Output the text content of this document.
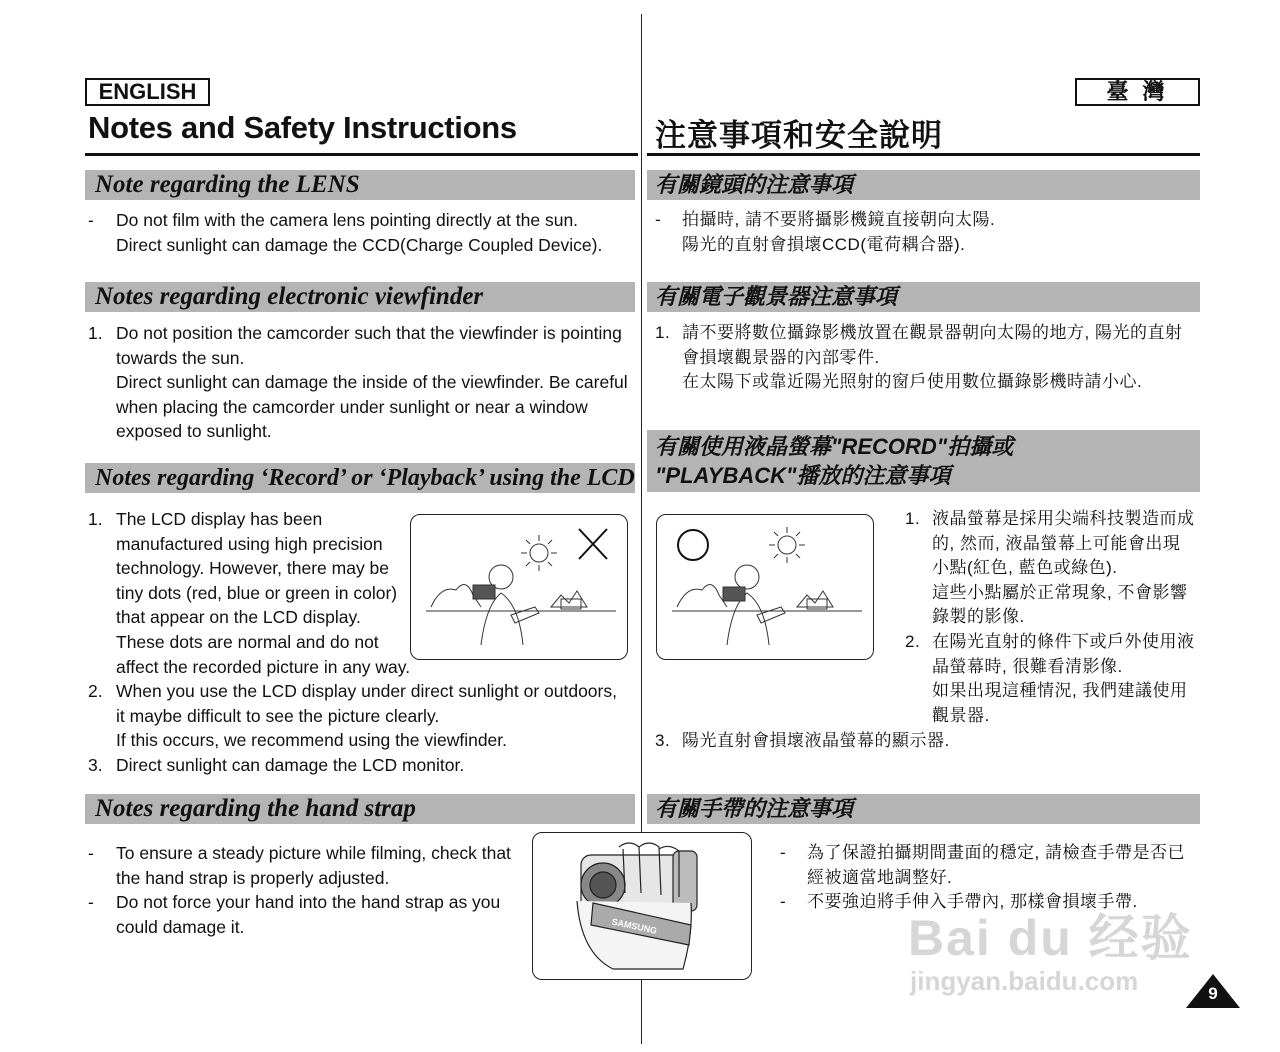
ENGLISH	臺 灣
Notes and Safety Instructions	注意事項和安全說明
Note regarding the LENS
- Do not film with the camera lens pointing directly at the sun.
Direct sunlight can damage the CCD(Charge Coupled Device).
Notes regarding electronic viewfinder
1. Do not position the camcorder such that the viewfinder is pointing
towards the sun.
Direct sunlight can damage the inside of the viewfinder. Be careful
when placing the camcorder under sunlight or near a window
exposed to sunlight.
Notes regarding ‘Record’ or ‘Playback’ using the LCD
1. The LCD display has been
manufactured using high precision
technology. However, there may be
tiny dots (red, blue or green in color)
that appear on the LCD display.
These dots are normal and do not
affect the recorded picture in any way.
2. When you use the LCD display under direct sunlight or outdoors,
it maybe difficult to see the picture clearly.
If this occurs, we recommend using the viewfinder.
3. Direct sunlight can damage the LCD monitor.
有關鏡頭的注意事項
- 拍攝時, 請不要將攝影機鏡直接朝向太陽.
陽光的直射會損壞CCD(電荷耦合器).
有關電子觀景器注意事項
1. 請不要將數位攝錄影機放置在觀景器朝向太陽的地方, 陽光的直射
會損壞觀景器的內部零件.
在太陽下或靠近陽光照射的窗戶使用數位攝錄影機時請小心.
有關使用液晶螢幕"RECORD"拍攝或
"PLAYBACK"播放的注意事項
1. 液晶螢幕是採用尖端科技製造而成
的, 然而, 液晶螢幕上可能會出現
小點(紅色, 藍色或綠色).
這些小點屬於正常現象, 不會影響
錄製的影像.
2. 在陽光直射的條件下或戶外使用液
晶螢幕時, 很難看清影像.
如果出現這種情況, 我們建議使用
觀景器.
3. 陽光直射會損壞液晶螢幕的顯示器.
Notes regarding the hand strap	有關手帶的注意事項
- To ensure a steady picture while filming, check that
the hand strap is properly adjusted.
- Do not force your hand into the hand strap as you
could damage it.	SAMSUNG
- 為了保證拍攝期間畫面的穩定, 請檢查手帶是否已
經被適當地調整好.
- 不要強迫將手伸入手帶內, 那樣會損壞手帶.
Bai du 经验
jingyan.baidu.com	9
